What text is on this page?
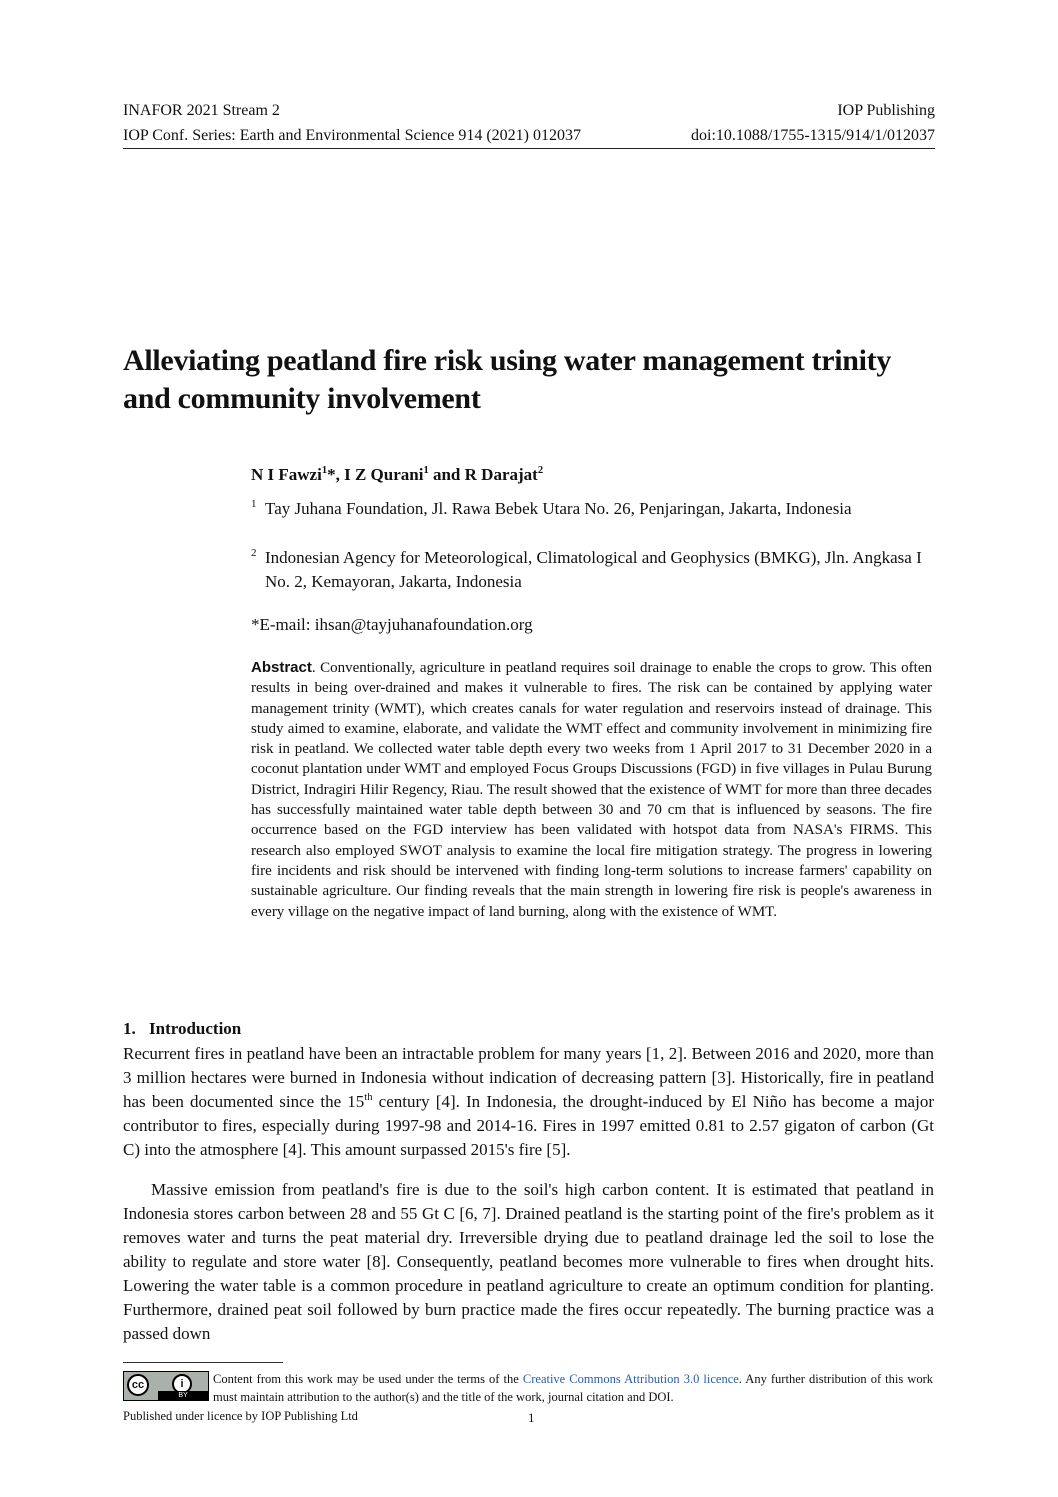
INAFOR 2021 Stream 2	IOP Publishing
IOP Conf. Series: Earth and Environmental Science 914 (2021) 012037	doi:10.1088/1755-1315/914/1/012037
Alleviating peatland fire risk using water management trinity and community involvement
N I Fawzi$^1$*, I Z Qurani$^1$ and R Darajat$^2$
1 Tay Juhana Foundation, Jl. Rawa Bebek Utara No. 26, Penjaringan, Jakarta, Indonesia
2 Indonesian Agency for Meteorological, Climatological and Geophysics (BMKG), Jln. Angkasa I No. 2, Kemayoran, Jakarta, Indonesia
*E-mail: ihsan@tayjuhanafoundation.org
Abstract. Conventionally, agriculture in peatland requires soil drainage to enable the crops to grow. This often results in being over-drained and makes it vulnerable to fires. The risk can be contained by applying water management trinity (WMT), which creates canals for water regulation and reservoirs instead of drainage. This study aimed to examine, elaborate, and validate the WMT effect and community involvement in minimizing fire risk in peatland. We collected water table depth every two weeks from 1 April 2017 to 31 December 2020 in a coconut plantation under WMT and employed Focus Groups Discussions (FGD) in five villages in Pulau Burung District, Indragiri Hilir Regency, Riau. The result showed that the existence of WMT for more than three decades has successfully maintained water table depth between 30 and 70 cm that is influenced by seasons. The fire occurrence based on the FGD interview has been validated with hotspot data from NASA's FIRMS. This research also employed SWOT analysis to examine the local fire mitigation strategy. The progress in lowering fire incidents and risk should be intervened with finding long-term solutions to increase farmers' capability on sustainable agriculture. Our finding reveals that the main strength in lowering fire risk is people's awareness in every village on the negative impact of land burning, along with the existence of WMT.
1. Introduction
Recurrent fires in peatland have been an intractable problem for many years [1, 2]. Between 2016 and 2020, more than 3 million hectares were burned in Indonesia without indication of decreasing pattern [3]. Historically, fire in peatland has been documented since the 15th century [4]. In Indonesia, the drought-induced by El Niño has become a major contributor to fires, especially during 1997-98 and 2014-16. Fires in 1997 emitted 0.81 to 2.57 gigaton of carbon (Gt C) into the atmosphere [4]. This amount surpassed 2015's fire [5].
Massive emission from peatland's fire is due to the soil's high carbon content. It is estimated that peatland in Indonesia stores carbon between 28 and 55 Gt C [6, 7]. Drained peatland is the starting point of the fire's problem as it removes water and turns the peat material dry. Irreversible drying due to peatland drainage led the soil to lose the ability to regulate and store water [8]. Consequently, peatland becomes more vulnerable to fires when drought hits. Lowering the water table is a common procedure in peatland agriculture to create an optimum condition for planting. Furthermore, drained peat soil followed by burn practice made the fires occur repeatedly. The burning practice was a passed down
cc	i
BY
Content from this work may be used under the terms of the Creative Commons Attribution 3.0 licence. Any further distribution of this work must maintain attribution to the author(s) and the title of the work, journal citation and DOI.
Published under licence by IOP Publishing Ltd	1
